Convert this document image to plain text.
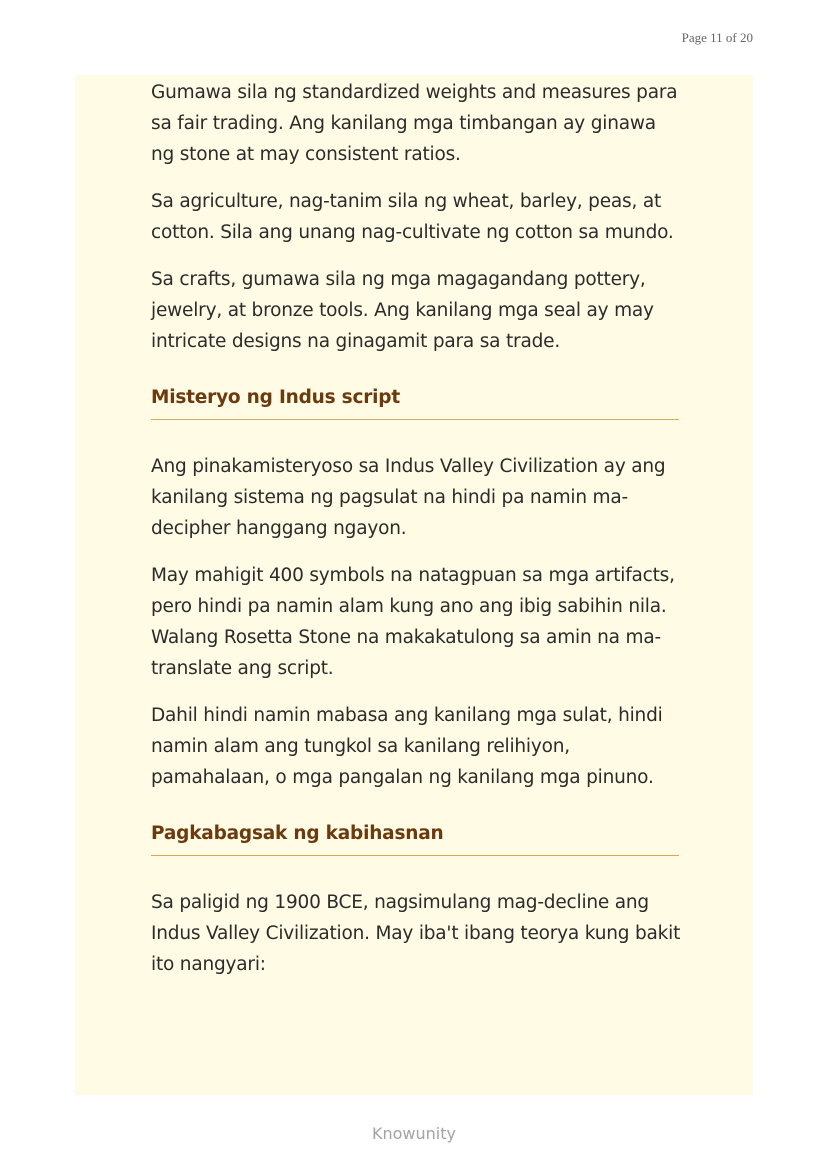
Page 11 of 20

Gumawa sila ng standardized weights and measures para sa fair trading. Ang kanilang mga timbangan ay ginawa ng stone at may consistent ratios.

Sa agriculture, nag-tanim sila ng wheat, barley, peas, at cotton. Sila ang unang nag-cultivate ng cotton sa mundo.

Sa crafts, gumawa sila ng mga magagandang pottery, jewelry, at bronze tools. Ang kanilang mga seal ay may intricate designs na ginagamit para sa trade.

Misteryo ng Indus script

Ang pinakamisteryoso sa Indus Valley Civilization ay ang kanilang sistema ng pagsulat na hindi pa namin ma-decipher hanggang ngayon.

May mahigit 400 symbols na natagpuan sa mga artifacts, pero hindi pa namin alam kung ano ang ibig sabihin nila. Walang Rosetta Stone na makakatulong sa amin na ma-translate ang script.

Dahil hindi namin mabasa ang kanilang mga sulat, hindi namin alam ang tungkol sa kanilang relihiyon, pamahalaan, o mga pangalan ng kanilang mga pinuno.

Pagkabagsak ng kabihasnan

Sa paligid ng 1900 BCE, nagsimulang mag-decline ang Indus Valley Civilization. May iba't ibang teorya kung bakit ito nangyari:

Knowunity
